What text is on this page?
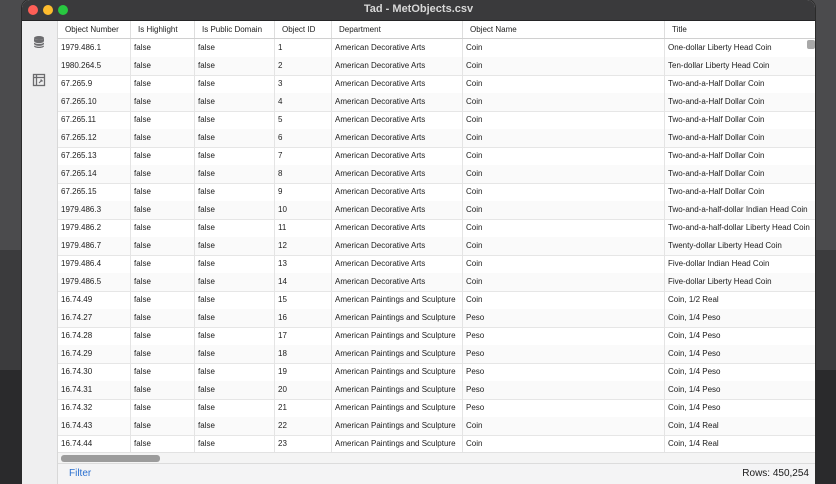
Tad - MetObjects.csv
Object Number	Is Highlight	Is Public Domain	Object ID	Department	Object Name	Title
1979.486.1	false	false	1	American Decorative Arts	Coin	One-dollar Liberty Head Coin
1980.264.5	false	false	2	American Decorative Arts	Coin	Ten-dollar Liberty Head Coin
67.265.9	false	false	3	American Decorative Arts	Coin	Two-and-a-Half Dollar Coin
67.265.10	false	false	4	American Decorative Arts	Coin	Two-and-a-Half Dollar Coin
67.265.11	false	false	5	American Decorative Arts	Coin	Two-and-a-Half Dollar Coin
67.265.12	false	false	6	American Decorative Arts	Coin	Two-and-a-Half Dollar Coin
67.265.13	false	false	7	American Decorative Arts	Coin	Two-and-a-Half Dollar Coin
67.265.14	false	false	8	American Decorative Arts	Coin	Two-and-a-Half Dollar Coin
67.265.15	false	false	9	American Decorative Arts	Coin	Two-and-a-Half Dollar Coin
1979.486.3	false	false	10	American Decorative Arts	Coin	Two-and-a-half-dollar Indian Head Coin
1979.486.2	false	false	11	American Decorative Arts	Coin	Two-and-a-half-dollar Liberty Head Coin
1979.486.7	false	false	12	American Decorative Arts	Coin	Twenty-dollar Liberty Head Coin
1979.486.4	false	false	13	American Decorative Arts	Coin	Five-dollar Indian Head Coin
1979.486.5	false	false	14	American Decorative Arts	Coin	Five-dollar Liberty Head Coin
16.74.49	false	false	15	American Paintings and Sculpture	Coin	Coin, 1/2 Real
16.74.27	false	false	16	American Paintings and Sculpture	Peso	Coin, 1/4 Peso
16.74.28	false	false	17	American Paintings and Sculpture	Peso	Coin, 1/4 Peso
16.74.29	false	false	18	American Paintings and Sculpture	Peso	Coin, 1/4 Peso
16.74.30	false	false	19	American Paintings and Sculpture	Peso	Coin, 1/4 Peso
16.74.31	false	false	20	American Paintings and Sculpture	Peso	Coin, 1/4 Peso
16.74.32	false	false	21	American Paintings and Sculpture	Peso	Coin, 1/4 Peso
16.74.43	false	false	22	American Paintings and Sculpture	Coin	Coin, 1/4 Real
16.74.44	false	false	23	American Paintings and Sculpture	Coin	Coin, 1/4 Real
Filter	Rows: 450,254
